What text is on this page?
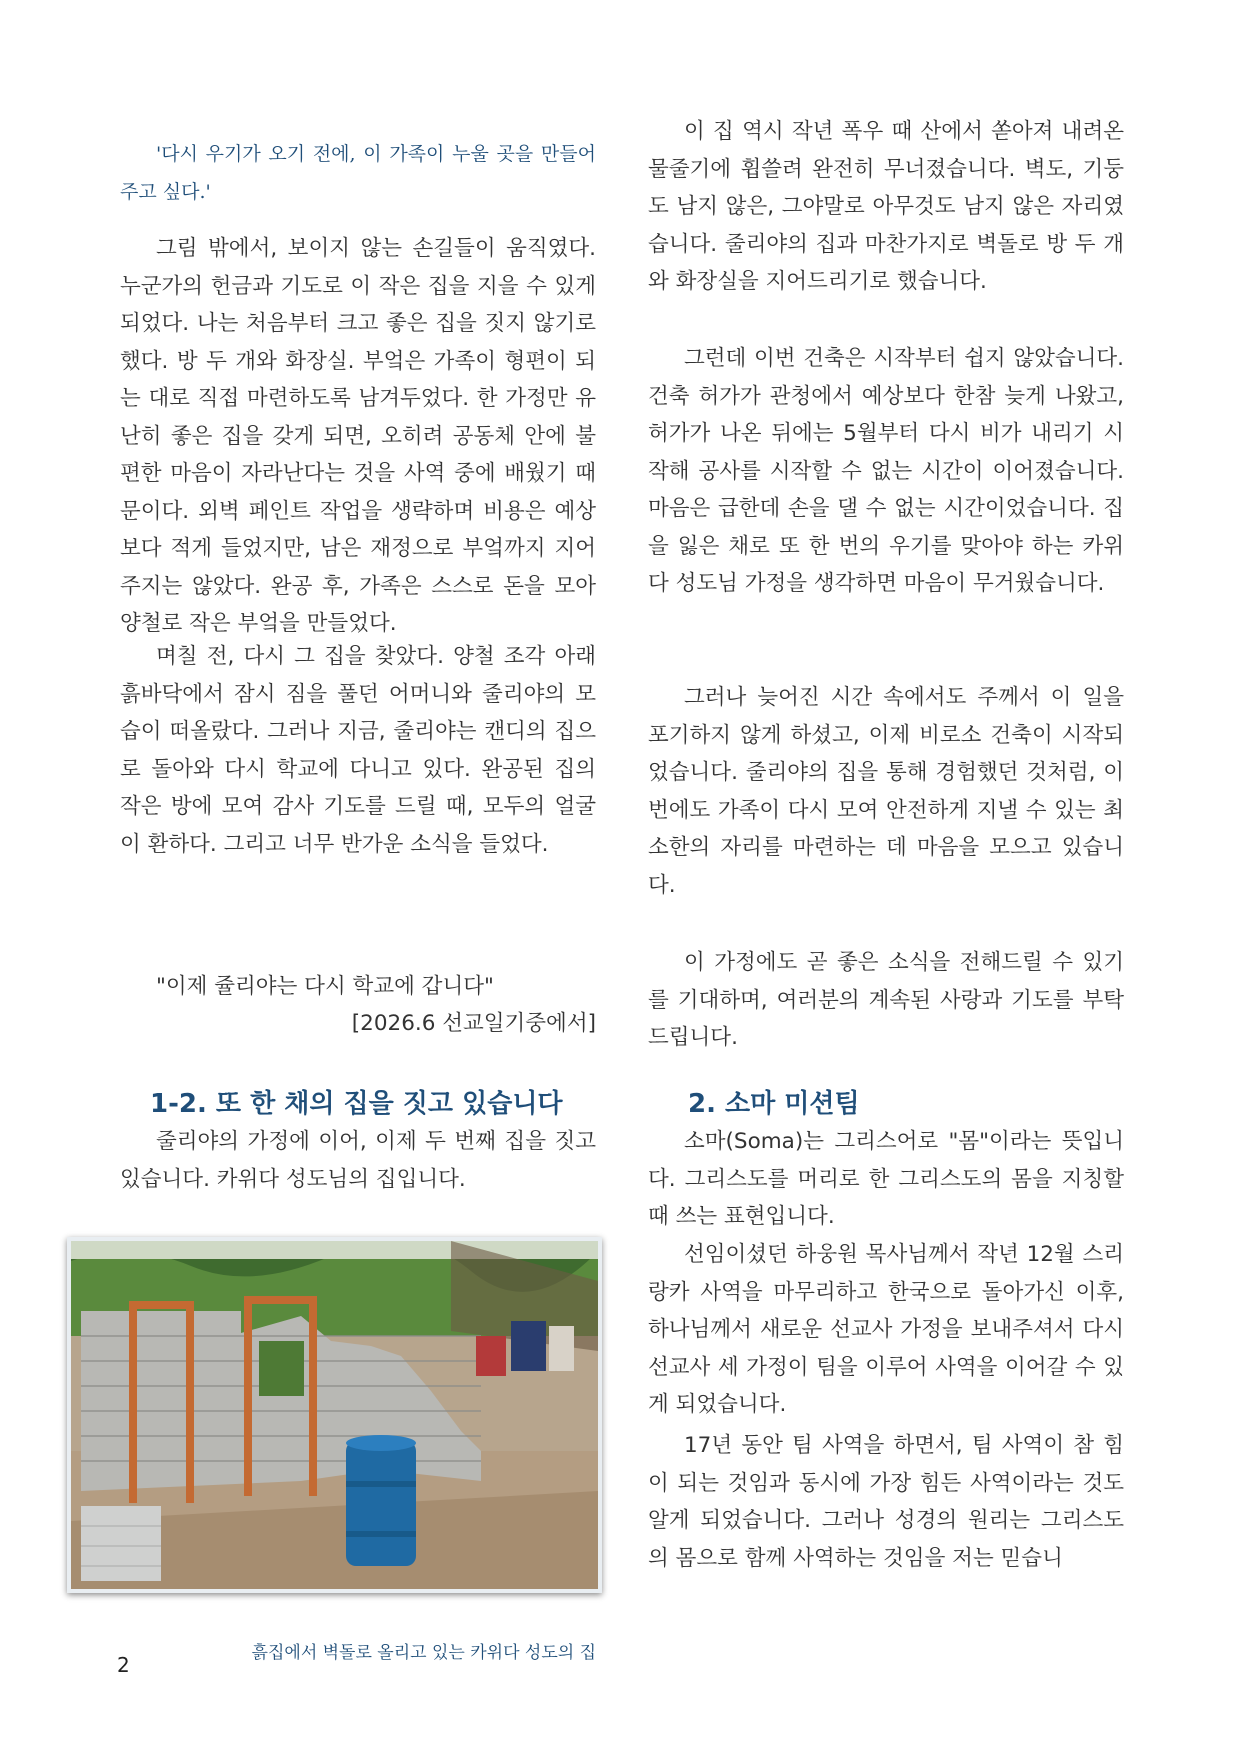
'다시 우기가 오기 전에, 이 가족이 누울 곳을 만들어 주고 싶다.'

그림 밖에서, 보이지 않는 손길들이 움직였다. 누군가의 헌금과 기도로 이 작은 집을 지을 수 있게 되었다. 나는 처음부터 크고 좋은 집을 짓지 않기로 했다. 방 두 개와 화장실. 부엌은 가족이 형편이 되는 대로 직접 마련하도록 남겨두었다. 한 가정만 유난히 좋은 집을 갖게 되면, 오히려 공동체 안에 불편한 마음이 자라난다는 것을 사역 중에 배웠기 때문이다. 외벽 페인트 작업을 생략하며 비용은 예상보다 적게 들었지만, 남은 재정으로 부엌까지 지어주지는 않았다. 완공 후, 가족은 스스로 돈을 모아 양철로 작은 부엌을 만들었다.

며칠 전, 다시 그 집을 찾았다. 양철 조각 아래 흙바닥에서 잠시 짐을 풀던 어머니와 줄리야의 모습이 떠올랐다. 그러나 지금, 줄리야는 캔디의 집으로 돌아와 다시 학교에 다니고 있다. 완공된 집의 작은 방에 모여 감사 기도를 드릴 때, 모두의 얼굴이 환하다. 그리고 너무 반가운 소식을 들었다.

"이제 쥴리야는 다시 학교에 갑니다"

[2026.6 선교일기중에서]

1-2. 또 한 채의 집을 짓고 있습니다

줄리야의 가정에 이어, 이제 두 번째 집을 짓고 있습니다. 카위다 성도님의 집입니다.

흙집에서 벽돌로 올리고 있는 카위다 성도의 집
2

이 집 역시 작년 폭우 때 산에서 쏟아져 내려온 물줄기에 휩쓸려 완전히 무너졌습니다. 벽도, 기둥도 남지 않은, 그야말로 아무것도 남지 않은 자리였습니다. 줄리야의 집과 마찬가지로 벽돌로 방 두 개와 화장실을 지어드리기로 했습니다.

그런데 이번 건축은 시작부터 쉽지 않았습니다. 건축 허가가 관청에서 예상보다 한참 늦게 나왔고, 허가가 나온 뒤에는 5월부터 다시 비가 내리기 시작해 공사를 시작할 수 없는 시간이 이어졌습니다. 마음은 급한데 손을 댈 수 없는 시간이었습니다. 집을 잃은 채로 또 한 번의 우기를 맞아야 하는 카위다 성도님 가정을 생각하면 마음이 무거웠습니다.

그러나 늦어진 시간 속에서도 주께서 이 일을 포기하지 않게 하셨고, 이제 비로소 건축이 시작되었습니다. 줄리야의 집을 통해 경험했던 것처럼, 이번에도 가족이 다시 모여 안전하게 지낼 수 있는 최소한의 자리를 마련하는 데 마음을 모으고 있습니다.

이 가정에도 곧 좋은 소식을 전해드릴 수 있기를 기대하며, 여러분의 계속된 사랑과 기도를 부탁드립니다.

2. 소마 미션팀

소마(Soma)는 그리스어로 "몸"이라는 뜻입니다. 그리스도를 머리로 한 그리스도의 몸을 지칭할 때 쓰는 표현입니다.

선임이셨던 하웅원 목사님께서 작년 12월 스리랑카 사역을 마무리하고 한국으로 돌아가신 이후, 하나님께서 새로운 선교사 가정을 보내주셔서 다시 선교사 세 가정이 팀을 이루어 사역을 이어갈 수 있게 되었습니다.

17년 동안 팀 사역을 하면서, 팀 사역이 참 힘이 되는 것임과 동시에 가장 힘든 사역이라는 것도 알게 되었습니다. 그러나 성경의 원리는 그리스도의 몸으로 함께 사역하는 것임을 저는 믿습니
